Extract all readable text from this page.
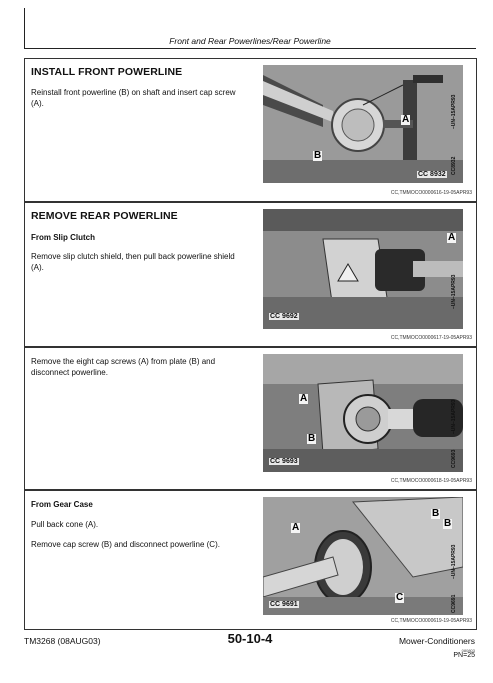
Front and Rear Powerlines/Rear Powerline
INSTALL FRONT POWERLINE
Reinstall front powerline (B) on shaft and insert cap screw (A).
A
B
CC 8932
–UN–15APR93
CC8932
CC,TMMOCO0000616-19-05APR93
REMOVE REAR POWERLINE
From Slip Clutch
Remove slip clutch shield, then pull back powerline shield (A).
A
CC 9692
–UN–15APR93
CC,TMMOCO0000617-19-05APR93
Remove the eight cap screws (A) from plate (B) and disconnect powerline.
A
B
CC 9693
–UN–15APR93
CC9693
CC,TMMOCO0000618-19-05APR93
From Gear Case
Pull back cone (A).
Remove cap screw (B) and disconnect powerline (C).
A
B
B
C
CC 9691
–UN–15APR93
CC9691
CC,TMMOCO0000619-19-05APR93
TM3268 (08AUG03)	50-10-4	Mower-Conditioners
080803
PN=25
